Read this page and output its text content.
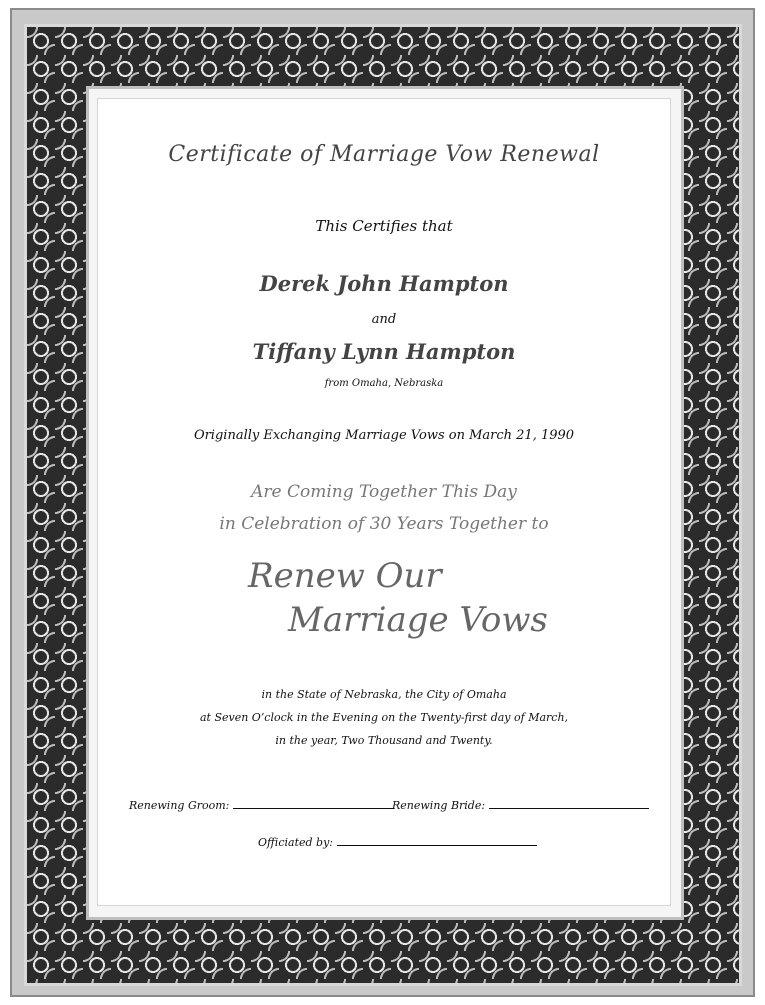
Certificate of Marriage Vow Renewal
This Certifies that
Derek John Hampton
and
Tiffany Lynn Hampton
from Omaha, Nebraska
Originally Exchanging Marriage Vows on March 21, 1990
Are Coming Together This Day
in Celebration of 30 Years Together to
Renew Our
Marriage Vows
in the State of Nebraska, the City of Omaha
at Seven O’clock in the Evening on the Twenty-first day of March,
in the year, Two Thousand and Twenty.
Renewing Groom:	Renewing Bride:
Officiated by:
